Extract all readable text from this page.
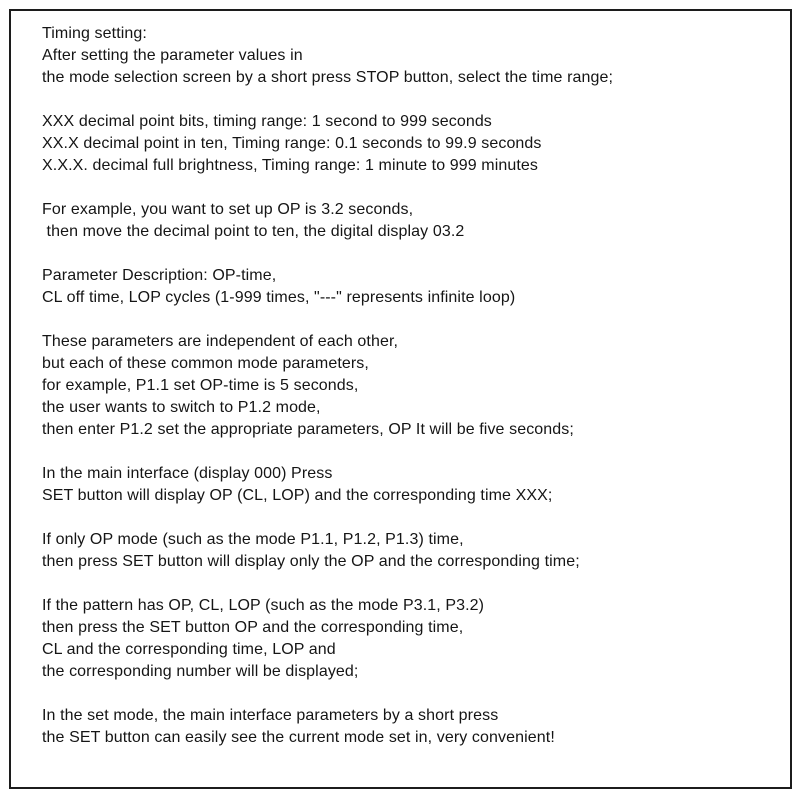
Timing setting:
After setting the parameter values in
the mode selection screen by a short press STOP button, select the time range;
XXX decimal point bits, timing range: 1 second to 999 seconds
XX.X decimal point in ten, Timing range: 0.1 seconds to 99.9 seconds
X.X.X. decimal full brightness, Timing range: 1 minute to 999 minutes
For example, you want to set up OP is 3.2 seconds,
then move the decimal point to ten, the digital display 03.2
Parameter Description: OP-time,
CL off time, LOP cycles (1-999 times, "---" represents infinite loop)
These parameters are independent of each other,
but each of these common mode parameters,
for example, P1.1 set OP-time is 5 seconds,
the user wants to switch to P1.2 mode,
then enter P1.2 set the appropriate parameters, OP It will be five seconds;
In the main interface (display 000) Press
SET button will display OP (CL, LOP) and the corresponding time XXX;
If only OP mode (such as the mode P1.1, P1.2, P1.3) time,
then press SET button will display only the OP and the corresponding time;
If the pattern has OP, CL, LOP (such as the mode P3.1, P3.2)
then press the SET button OP and the corresponding time,
CL and the corresponding time, LOP and
the corresponding number will be displayed;
In the set mode, the main interface parameters by a short press
the SET button can easily see the current mode set in, very convenient!
